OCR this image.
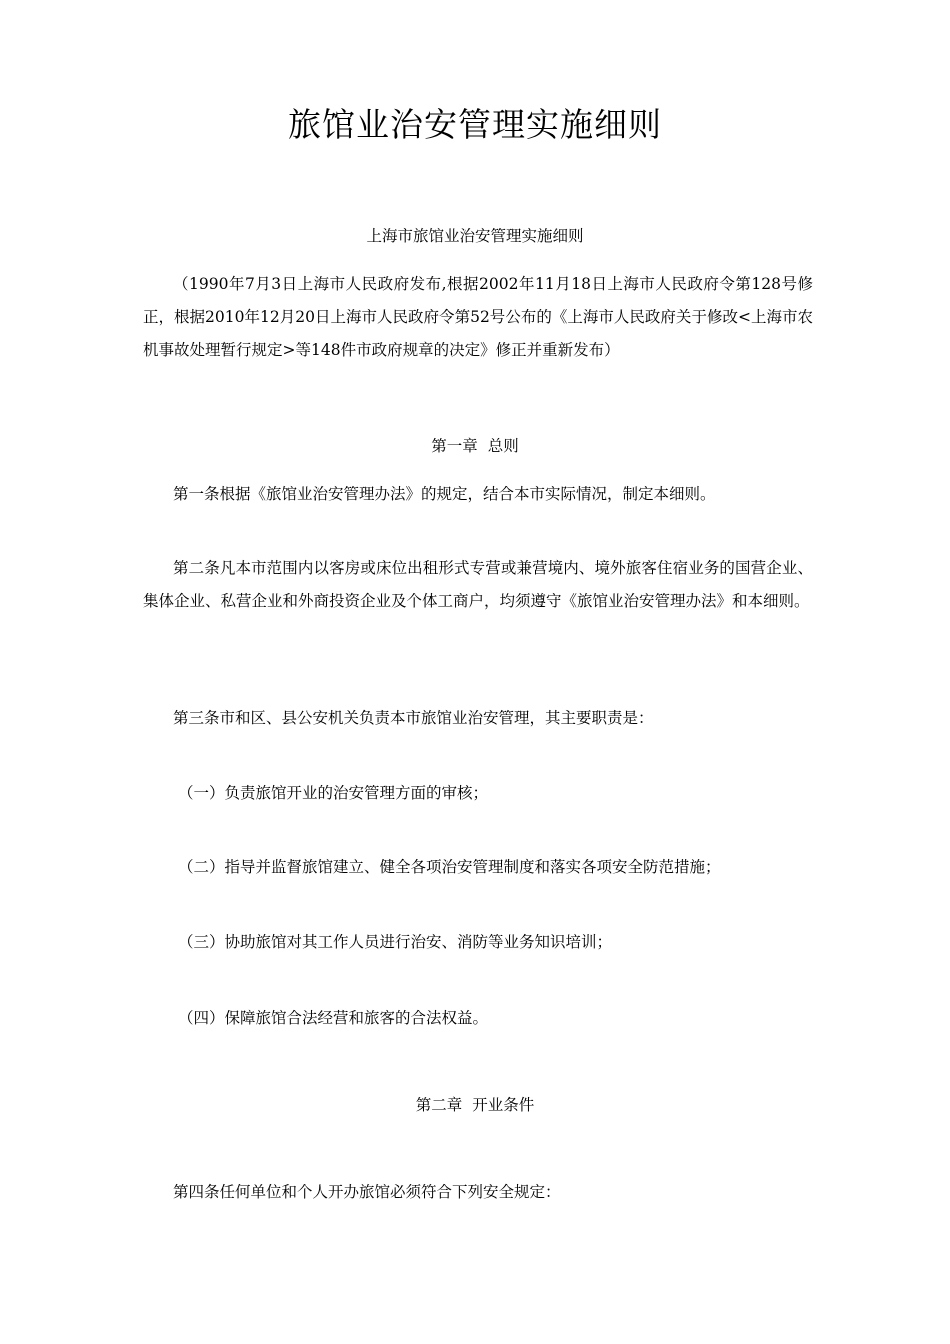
旅馆业治安管理实施细则
上海市旅馆业治安管理实施细则
（1990年7月3日上海市人民政府发布,根据2002年11月18日上海市人民政府令第128号修正，根据2010年12月20日上海市人民政府令第52号公布的《上海市人民政府关于修改<上海市农机事故处理暂行规定>等148件市政府规章的决定》修正并重新发布）
第一章 总则
第一条根据《旅馆业治安管理办法》的规定，结合本市实际情况，制定本细则。
第二条凡本市范围内以客房或床位出租形式专营或兼营境内、境外旅客住宿业务的国营企业、集体企业、私营企业和外商投资企业及个体工商户，均须遵守《旅馆业治安管理办法》和本细则。
第三条市和区、县公安机关负责本市旅馆业治安管理，其主要职责是：
（一）负责旅馆开业的治安管理方面的审核；
（二）指导并监督旅馆建立、健全各项治安管理制度和落实各项安全防范措施；
（三）协助旅馆对其工作人员进行治安、消防等业务知识培训；
（四）保障旅馆合法经营和旅客的合法权益。
第二章 开业条件
第四条任何单位和个人开办旅馆必须符合下列安全规定：
